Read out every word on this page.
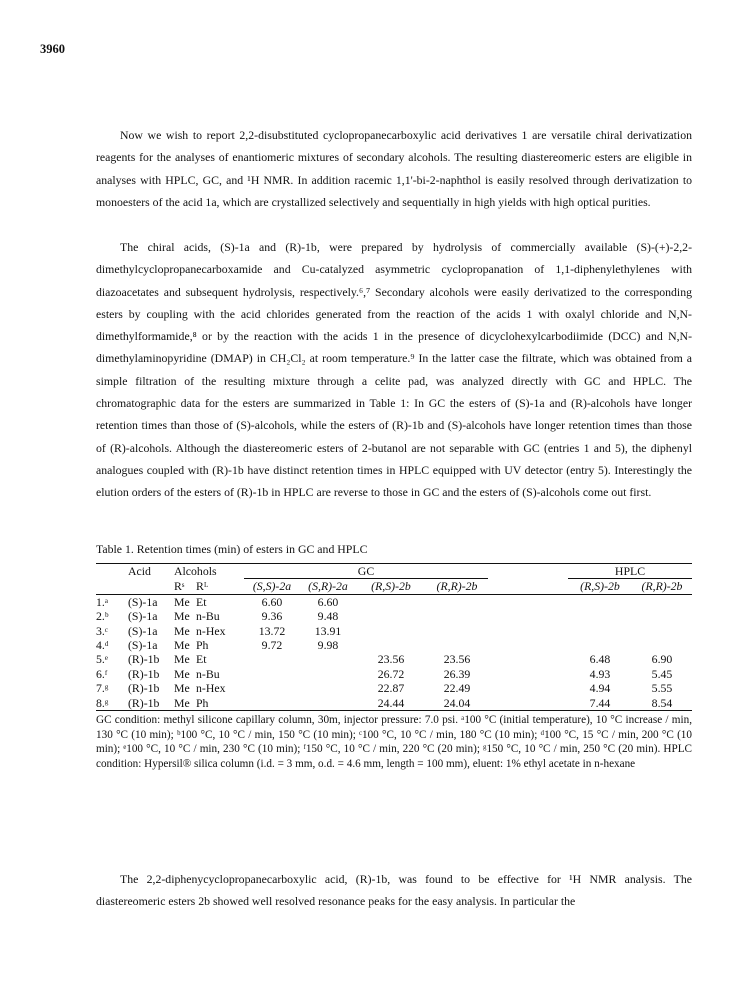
3960

Now we wish to report 2,2-disubstituted cyclopropanecarboxylic acid derivatives 1 are versatile chiral derivatization reagents for the analyses of enantiomeric mixtures of secondary alcohols. The resulting diastereomeric esters are eligible in analyses with HPLC, GC, and ¹H NMR. In addition racemic 1,1'-bi-2-naphthol is easily resolved through derivatization to monoesters of the acid 1a, which are crystallized selectively and sequentially in high yields with high optical purities.

The chiral acids, (S)-1a and (R)-1b, were prepared by hydrolysis of commercially available (S)-(+)-2,2-dimethylcyclopropanecarboxamide and Cu-catalyzed asymmetric cyclopropanation of 1,1-diphenylethylenes with diazoacetates and subsequent hydrolysis, respectively.⁶,⁷ Secondary alcohols were easily derivatized to the corresponding esters by coupling with the acid chlorides generated from the reaction of the acids 1 with oxalyl chloride and N,N-dimethylformamide,⁸ or by the reaction with the acids 1 in the presence of dicyclohexylcarbodiimide (DCC) and N,N-dimethylaminopyridine (DMAP) in CH₂Cl₂ at room temperature.⁹ In the latter case the filtrate, which was obtained from a simple filtration of the resulting mixture through a celite pad, was analyzed directly with GC and HPLC. The chromatographic data for the esters are summarized in Table 1: In GC the esters of (S)-1a and (R)-alcohols have longer retention times than those of (S)-alcohols, while the esters of (R)-1b and (S)-alcohols have longer retention times than those of (R)-alcohols. Although the diastereomeric esters of 2-butanol are not separable with GC (entries 1 and 5), the diphenyl analogues coupled with (R)-1b have distinct retention times in HPLC equipped with UV detector (entry 5). Interestingly the elution orders of the esters of (R)-1b in HPLC are reverse to those in GC and the esters of (S)-alcohols come out first.

Table 1. Retention times (min) of esters in GC and HPLC
	Acid	Alcohols		GC					HPLC	
		Rˢ	Rᴸ	(S,S)-2a	(S,R)-2a	(R,S)-2b	(R,R)-2b		(R,S)-2b	(R,R)-2b
1.ᵃ	(S)-1a	Me	Et	6.60	6.60					
2.ᵇ	(S)-1a	Me	n-Bu	9.36	9.48					
3.ᶜ	(S)-1a	Me	n-Hex	13.72	13.91					
4.ᵈ	(S)-1a	Me	Ph	9.72	9.98					
5.ᵉ	(R)-1b	Me	Et			23.56	23.56		6.48	6.90
6.ᶠ	(R)-1b	Me	n-Bu			26.72	26.39		4.93	5.45
7.ᵍ	(R)-1b	Me	n-Hex			22.87	22.49		4.94	5.55
8.ᵍ	(R)-1b	Me	Ph			24.44	24.04		7.44	8.54
GC condition: methyl silicone capillary column, 30m, injector pressure: 7.0 psi. ᵃ100 °C (initial temperature), 10 °C increase / min, 130 °C (10 min); ᵇ100 °C, 10 °C / min, 150 °C (10 min); ᶜ100 °C, 10 °C / min, 180 °C (10 min); ᵈ100 °C, 15 °C / min, 200 °C (10 min); ᵉ100 °C, 10 °C / min, 230 °C (10 min); ᶠ150 °C, 10 °C / min, 220 °C (20 min); ᵍ150 °C, 10 °C / min, 250 °C (20 min). HPLC condition: Hypersil® silica column (i.d. = 3 mm, o.d. = 4.6 mm, length = 100 mm), eluent: 1% ethyl acetate in n-hexane

The 2,2-diphenycyclopropanecarboxylic acid, (R)-1b, was found to be effective for ¹H NMR analysis. The diastereomeric esters 2b showed well resolved resonance peaks for the easy analysis. In particular the
